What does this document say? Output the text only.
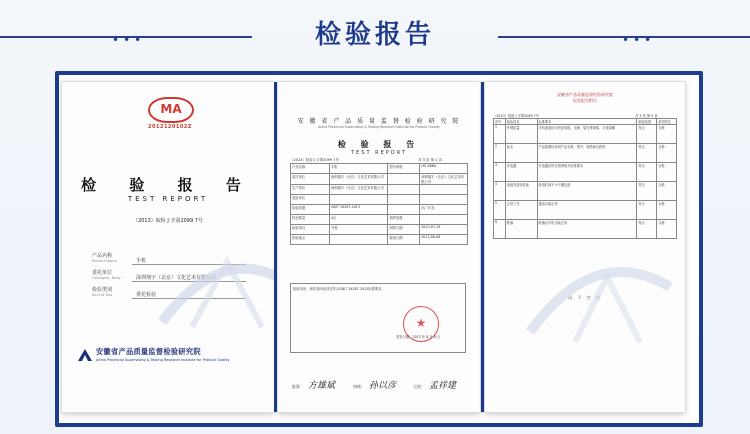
•••	•••
检验报告
MA
2012120102Z
检 验 报 告
TEST REPORT
（2013）皖检 J 字第2099 7号
产品名称
Product Name	手机
委托单位
Consigner, Body	深圳翔宇（北京）文化艺术有限公司
检验类别
Kind of Test	委托检验
安徽省产品质量监督检验研究院
Anhui Provincial Supervising & Testing Research Institute for Product Quality
安 徽 省 产 品 质 量 监 督 检 验 研 究 院
Anhui Provincial Supervising & Testing Research Institute for Product Quality
检 验 报 告
TEST REPORT
（2013）皖检 J 字第2099 7号	共 3 页 第 1 页
产品名称	手机	型号规格	HO-X86A
委托单位	深圳翔宇（北京）文化艺术有限公司		深圳翔宇（北京）文化艺术有限公司
生产单位	深圳翔宇（北京）文化艺术有限公司		
受检单位			
检验依据	GB/T 18287-2013		出厂状态
样品数量	4台	抽样基数	
检验项目	外观	到样日期	2013-07-19
检验地点		检验日期	2013-08-08
检验结论：该样品所检项目符合GB/T 18287-2013标准要求。
签发日期：2013 年 8 月 8 日
★
批准： 方雄斌	审核： 孙以彦	主检： 孟祥建
安徽省产品质量监督检验研究院
检验报告附页
（2013）皖检 J 字第2099 7号	共 3 页 第 3 页
序号	检验项目	标准要求	检验结果	单项判定
1	外观质量	手机表面应无明显划痕、毛刺、裂纹等缺陷，字迹清晰	符合	合格
2	标志	产品铭牌应标明产品名称、型号、制造商名称等	符合	合格
3	充电器	充电器应符合国家相关标准要求	符合	合格
4	电池充放电性能	放电时间不小于额定值	符合	合格
5	正常工作	通话功能正常	符合	合格
6	跌落	跌落后手机功能正常	符合	合格
以 下 空 白
